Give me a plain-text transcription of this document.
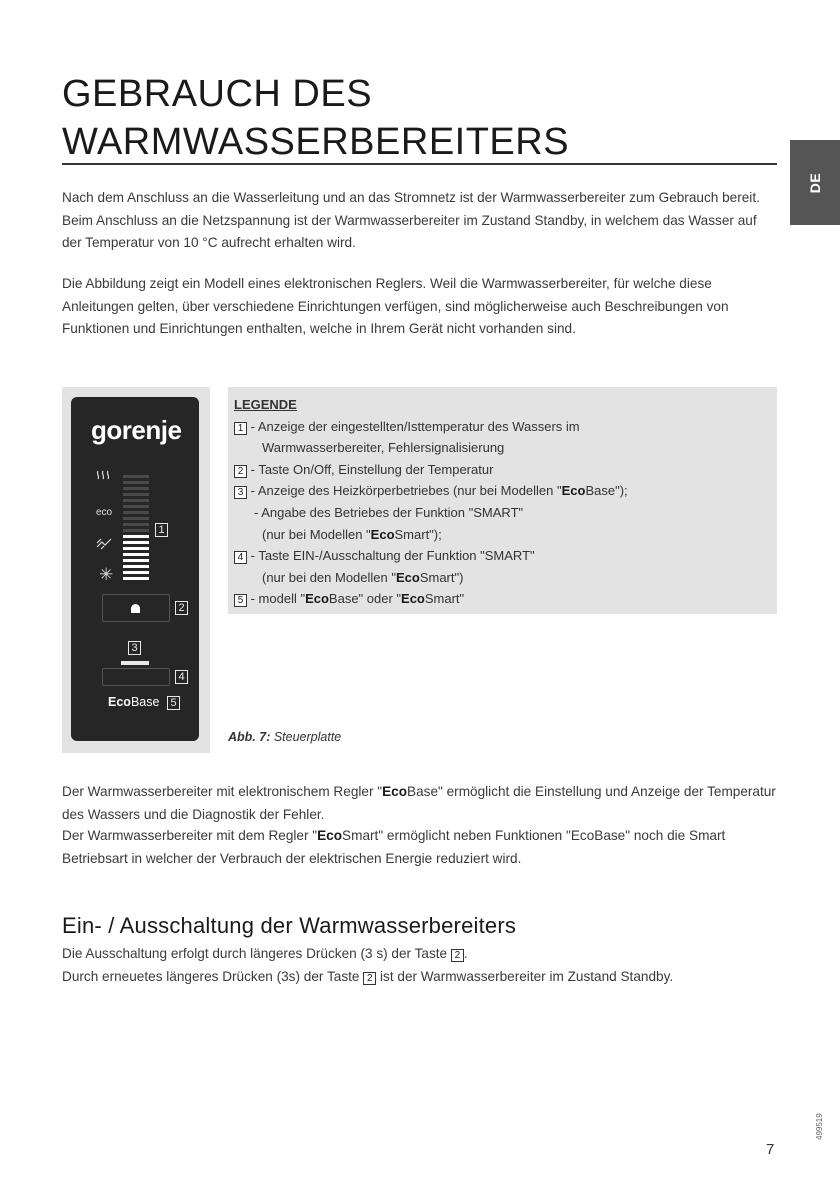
GEBRAUCH DES
WARMWASSERBEREITERS
DE

Nach dem Anschluss an die Wasserleitung und an das Stromnetz ist der Warmwasserbereiter zum Gebrauch bereit. Beim Anschluss an die Netzspannung ist der Warmwasserbereiter im Zustand Standby, in welchem das Wasser auf der Temperatur von 10 °C aufrecht erhalten wird.

Die Abbildung zeigt ein Modell eines elektronischen Reglers. Weil die Warmwasserbereiter, für welche diese Anleitungen gelten, über verschiedene Einrichtungen verfügen, sind möglicherweise auch Beschreibungen von Funktionen und Einrichtungen enthalten, welche in Ihrem Gerät nicht vorhanden sind.

gorenje
eco
✳
1
2
3
4
EcoBase	5
LEGENDE
1 - Anzeige der eingestellten/Isttemperatur des Wassers im
Warmwasserbereiter, Fehlersignalisierung
2 - Taste On/Off, Einstellung der Temperatur
3 - Anzeige des Heizkörperbetriebes (nur bei Modellen "EcoBase");
- Angabe des Betriebes der Funktion "SMART"
(nur bei Modellen "EcoSmart");
4 - Taste EIN-/Ausschaltung der Funktion "SMART"
(nur bei den Modellen "EcoSmart")
5 - modell "EcoBase" oder "EcoSmart"
Abb. 7: Steuerplatte

Der Warmwasserbereiter mit elektronischem Regler "EcoBase" ermöglicht die Einstellung und Anzeige der Temperatur des Wassers und die Diagnostik der Fehler.

Der Warmwasserbereiter mit dem Regler "EcoSmart" ermöglicht neben Funktionen "EcoBase" noch die Smart Betriebsart in welcher der Verbrauch der elektrischen Energie reduziert wird.

Ein- / Ausschaltung der Warmwasserbereiters
Die Ausschaltung erfolgt durch längeres Drücken (3 s) der Taste 2 .
Durch erneuetes längeres Drücken (3s) der Taste 2 ist der Warmwasserbereiter im Zustand Standby.
7
499519
